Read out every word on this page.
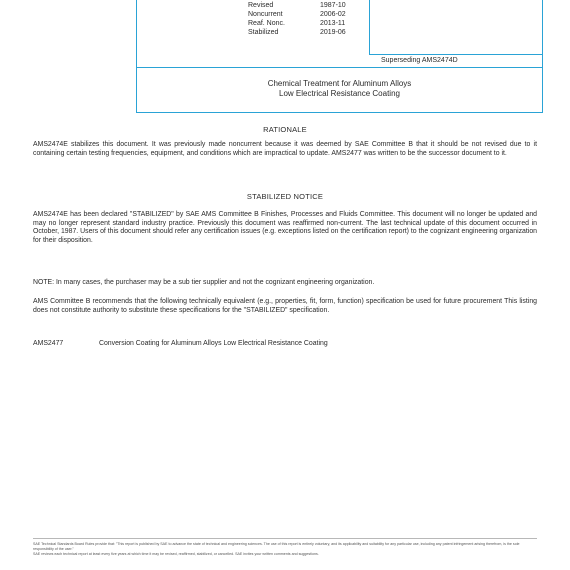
Revised	1987-10
Noncurrent	2006-02
Reaf. Nonc.	2013-11
Stabilized	2019-06
Superseding AMS2474D
Chemical Treatment for Aluminum Alloys
Low Electrical Resistance Coating
RATIONALE
AMS2474E stabilizes this document. It was previously made noncurrent because it was deemed by SAE Committee B that it should be not revised due to it containing certain testing frequencies, equipment, and conditions which are impractical to update. AMS2477 was written to be the successor document to it.
STABILIZED NOTICE
AMS2474E has been declared "STABILIZED" by SAE AMS Committee B Finishes, Processes and Fluids Committee. This document will no longer be updated and may no longer represent standard industry practice. Previously this document was reaffirmed non-current. The last technical update of this document occurred in October, 1987. Users of this document should refer any certification issues (e.g. exceptions listed on the certification report) to the cognizant engineering organization for their disposition.
NOTE: In many cases, the purchaser may be a sub tier supplier and not the cognizant engineering organization.
AMS Committee B recommends that the following technically equivalent (e.g., properties, fit, form, function) specification be used for future procurement This listing does not constitute authority to substitute these specifications for the "STABILIZED" specification.
AMS2477	Conversion Coating for Aluminum Alloys Low Electrical Resistance Coating
SAE Technical Standards Board Rules provide that: "This report is published by SAE to advance the state of technical and engineering sciences. The use of this report is entirely voluntary, and its applicability and suitability for any particular use, including any patent infringement arising therefrom, is the sole responsibility of the user."
SAE reviews each technical report at least every five years at which time it may be revised, reaffirmed, stabilized, or cancelled. SAE invites your written comments and suggestions.
